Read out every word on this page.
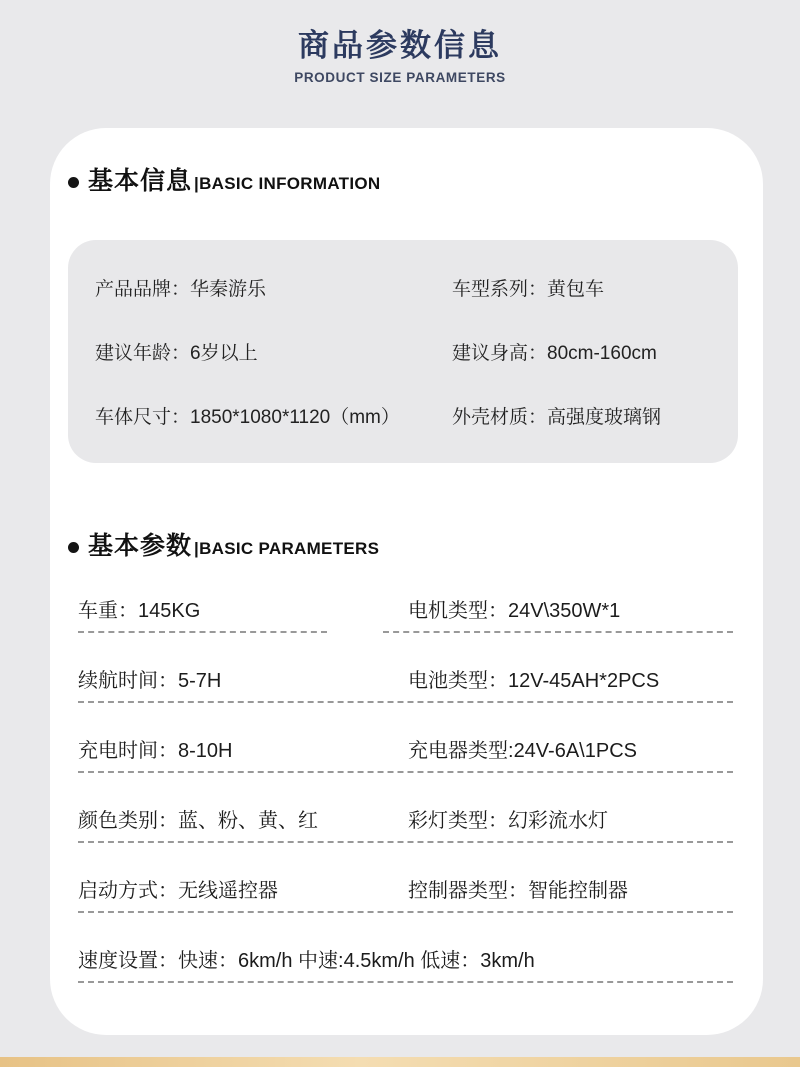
商品参数信息
PRODUCT SIZE PARAMETERS
基本信息 |BASIC INFORMATION
产品品牌：华秦游乐	车型系列：黄包车
建议年龄：6岁以上	建议身高：80cm-160cm
车体尺寸：1850*1080*1120（mm）	外壳材质：高强度玻璃钢
基本参数 |BASIC PARAMETERS
车重：145KG	电机类型：24V\350W*1
续航时间：5-7H	电池类型：12V-45AH*2PCS
充电时间：8-10H	充电器类型:24V-6A\1PCS
颜色类别：蓝、粉、黄、红	彩灯类型：幻彩流水灯
启动方式：无线遥控器	控制器类型：智能控制器
速度设置：快速：6km/h 中速:4.5km/h 低速：3km/h
